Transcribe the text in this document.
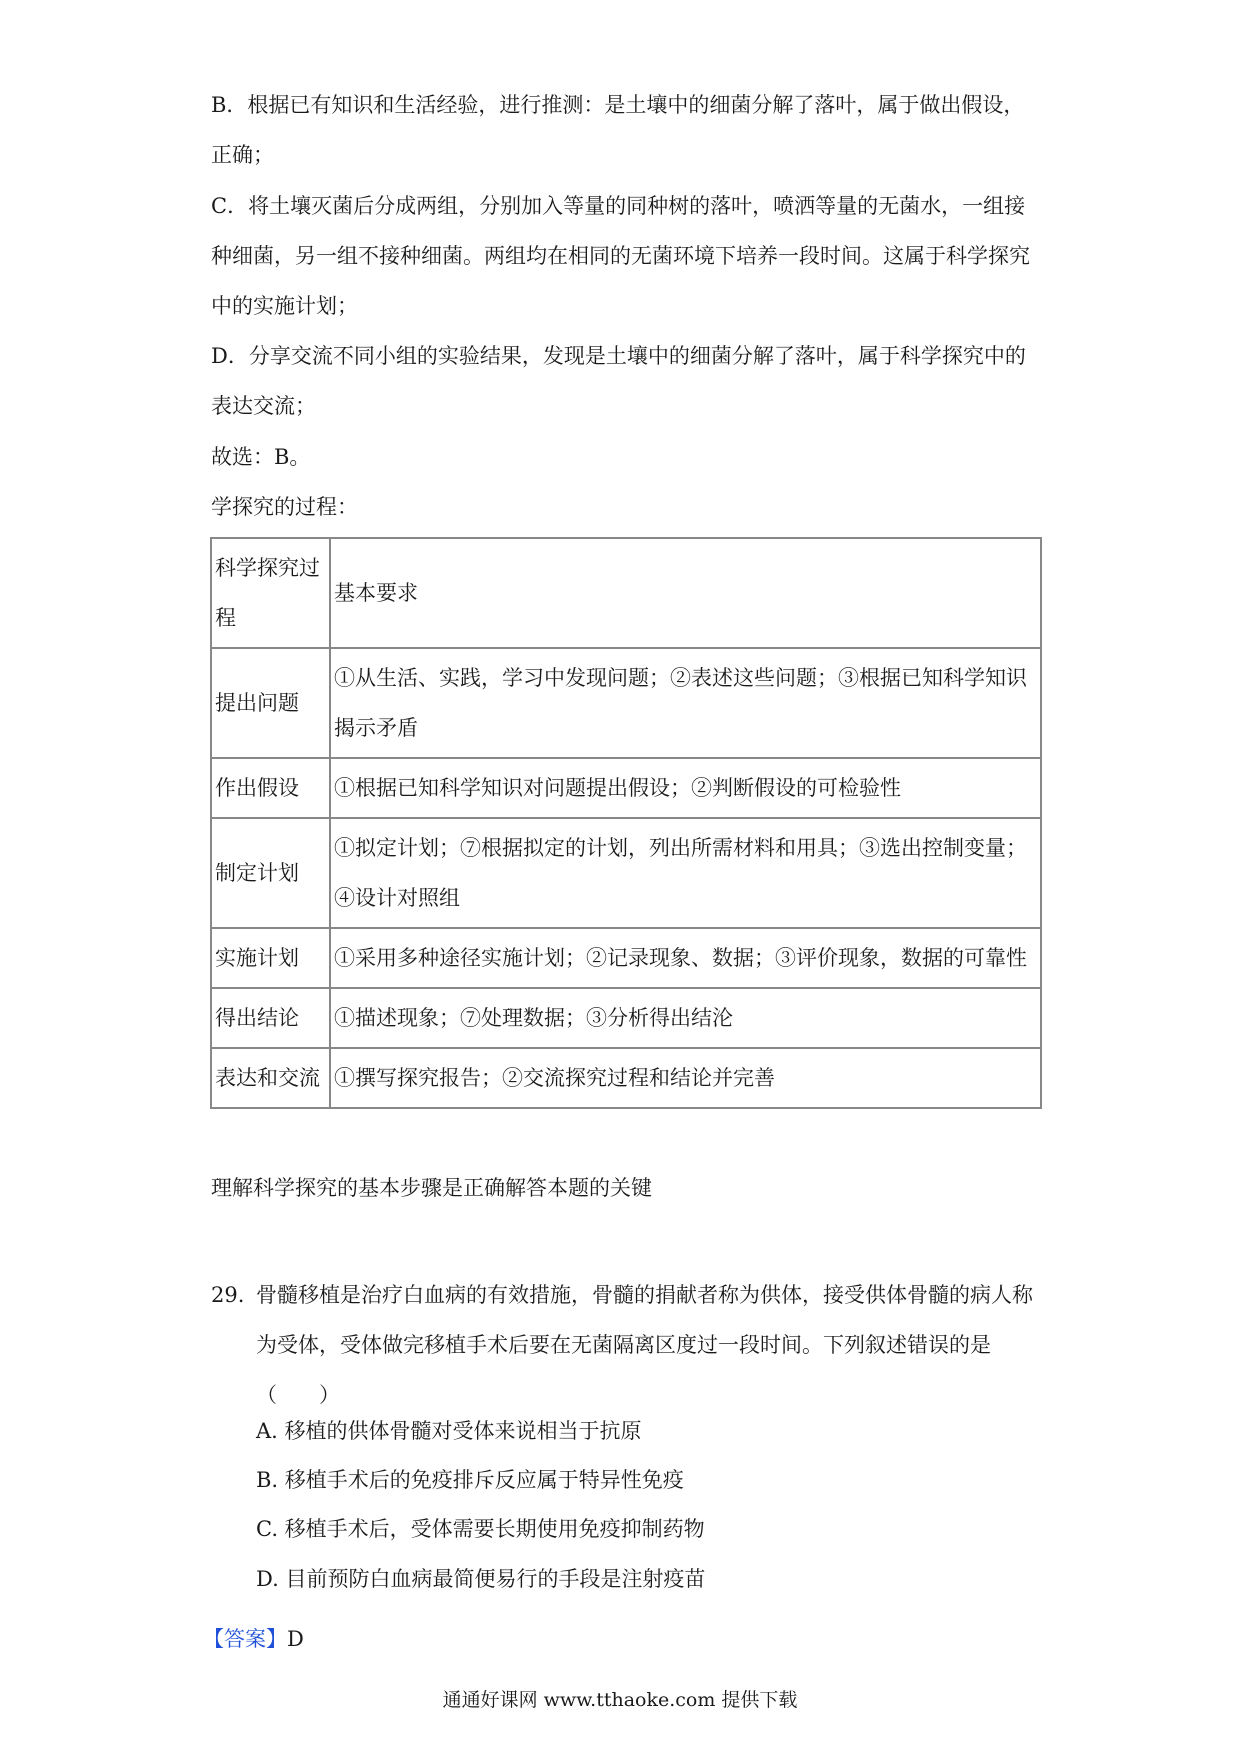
B．根据已有知识和生活经验，进行推测：是土壤中的细菌分解了落叶，属于做出假设，正确；

C．将土壤灭菌后分成两组，分别加入等量的同种树的落叶，喷洒等量的无菌水，一组接种细菌，另一组不接种细菌。两组均在相同的无菌环境下培养一段时间。这属于科学探究中的实施计划；

D．分享交流不同小组的实验结果，发现是土壤中的细菌分解了落叶，属于科学探究中的表达交流；

故选：B。

学探究的过程：

科学探究过程	基本要求
提出问题	①从生活、实践，学习中发现问题；②表述这些问题；③根据已知科学知识揭示矛盾
作出假设	①根据已知科学知识对问题提出假设；②判断假设的可检验性
制定计划	①拟定计划；⑦根据拟定的计划，列出所需材料和用具；③选出控制变量；④设计对照组
实施计划	①采用多种途径实施计划；②记录现象、数据；③评价现象，数据的可靠性
得出结论	①描述现象；⑦处理数据；③分析得出结沦
表达和交流	①撰写探究报告；②交流探究过程和结论并完善

理解科学探究的基本步骤是正确解答本题的关键

29. 骨髓移植是治疗白血病的有效措施，骨髓的捐献者称为供体，接受供体骨髓的病人称为受体，受体做完移植手术后要在无菌隔离区度过一段时间。下列叙述错误的是（　　）

A. 移植的供体骨髓对受体来说相当于抗原
B. 移植手术后的免疫排斥反应属于特异性免疫
C. 移植手术后，受体需要长期使用免疫抑制药物
D. 目前预防白血病最简便易行的手段是注射疫苗
【答案】D
通通好课网 www.tthaoke.com 提供下载
